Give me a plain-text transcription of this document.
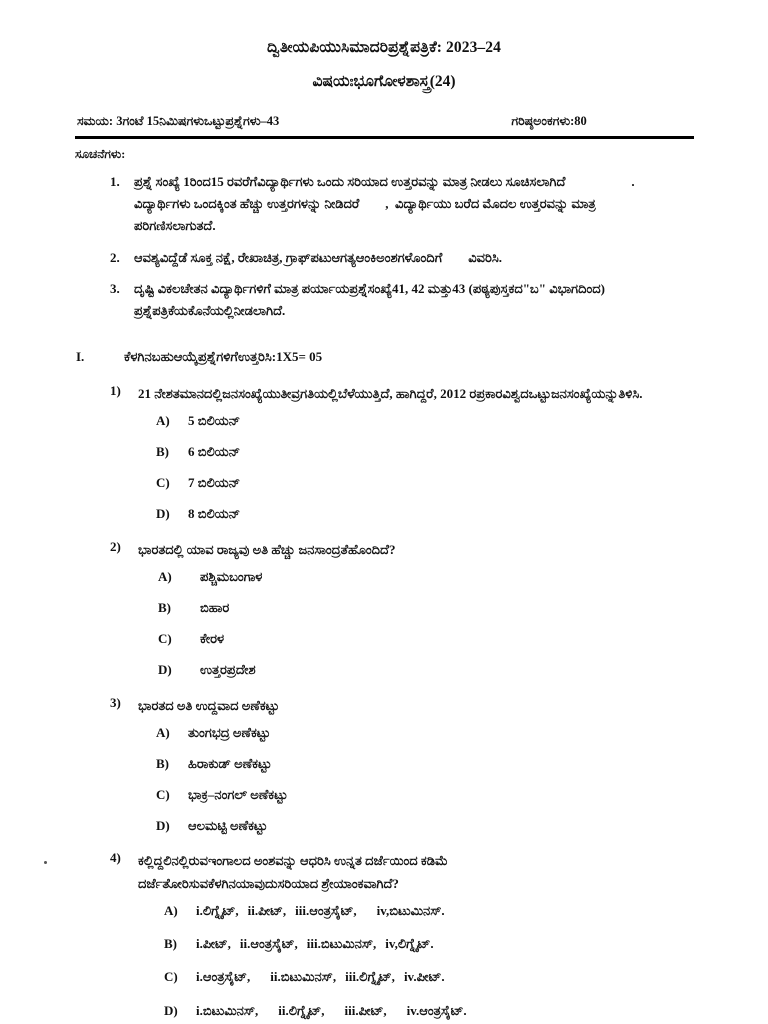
ದ್ವಿತೀಯಪಿಯುಸಿಮಾದರಿಪ್ರಶ್ನೆಪತ್ರಿಕೆ: 2023–24
ವಿಷಯಃಭೂಗೋಳಶಾಸ್ತ್ರ(24)
ಸಮಯ: 3ಗಂಟೆ 15ನಿಮಿಷಗಳುಒಟ್ಟುಪ್ರಶ್ನೆಗಳು–43	ಗರಿಷ್ಠಅಂಕಗಳು:80
ಸೂಚನೆಗಳು:
1. ಪ್ರಶ್ನೆ ಸಂಖ್ಯೆ 1ರಿಂದ15 ರವರೆಗೆವಿದ್ಯಾರ್ಥಿಗಳು ಒಂದು ಸರಿಯಾದ ಉತ್ತರವನ್ನು ಮಾತ್ರ ನೀಡಲು ಸೂಚಿಸಲಾಗಿದೆ	.
ವಿದ್ಯಾರ್ಥಿಗಳು ಒಂದಕ್ಕಿಂತ ಹೆಚ್ಚು ಉತ್ತರಗಳನ್ನು ನೀಡಿದರೆ , ವಿದ್ಯಾರ್ಥಿಯು ಬರೆದ ಮೊದಲ ಉತ್ತರವನ್ನು ಮಾತ್ರ
ಪರಿಗಣಿಸಲಾಗುತದೆ.
2. ಆವಶ್ಯವಿದ್ದೆಡೆ ಸೂಕ್ತ ನಕ್ಷೆ, ರೇಖಾಚಿತ್ರ, ಗ್ರಾಫ್‌ಪಟುಆಗತ್ಯಆಂಕಿಅಂಶಗಳೊಂದಿಗೆ ವಿವರಿಸಿ.
3. ದೃಷ್ಟಿ ವಿಕಲಚೇತನ ವಿದ್ಯಾರ್ಥಿಗಳಿಗೆ ಮಾತ್ರ ಪರ್ಯಾಯಪ್ರಶ್ನೆಸಂಖ್ಯೆ41, 42 ಮತ್ತು43 (ಪಠ್ಯಪುಸ್ತಕದ"ಬ" ವಿಭಾಗದಿಂದ)
ಪ್ರಶ್ನೆಪತ್ರಿಕೆಯಕೊನೆಯಲ್ಲಿನೀಡಲಾಗಿದೆ.
I.	ಕೆಳಗಿನಬಹುಆಯ್ಕೆಪ್ರಶ್ನೆಗಳಿಗೆಉತ್ತರಿಸಿ:1X5= 05
1) 21 ನೇಶತಮಾನದಲ್ಲಿಜನಸಂಖ್ಯೆಯುತೀವ್ರಗತಿಯಲ್ಲಿಬೆಳೆಯುತ್ತಿದೆ, ಹಾಗಿದ್ದರೆ, 2012 ರಪ್ರಕಾರವಿಶ್ವದಒಟ್ಟುಜನಸಂಖ್ಯೆಯನ್ನುತಿಳಿಸಿ.
A) 5 ಬಿಲಿಯನ್
B) 6 ಬಿಲಿಯನ್
C) 7 ಬಿಲಿಯನ್
D) 8 ಬಿಲಿಯನ್
2) ಭಾರತದಲ್ಲಿ ಯಾವ ರಾಜ್ಯವು ಅತಿ ಹೆಚ್ಚು ಜನಸಾಂದ್ರತೆಹೊಂದಿದೆ?
A) ಪಶ್ಚಿಮಬಂಗಾಳ
B) ಬಿಹಾರ
C) ಕೇರಳ
D) ಉತ್ತರಪ್ರದೇಶ
3) ಭಾರತದ ಅತಿ ಉದ್ದವಾದ ಅಣೆಕಟ್ಟು
A) ತುಂಗಭದ್ರ ಅಣೆಕಟ್ಟು
B) ಹಿರಾಕುಡ್ ಅಣೆಕಟ್ಟು
C) ಭಾಕ್ರ–ನಂಗಲ್ ಅಣೆಕಟ್ಟು
D) ಆಲಮಟ್ಟಿ ಅಣೆಕಟ್ಟು
4) ಕಲ್ಲಿದ್ದಲಿನಲ್ಲಿರುವಇಂಗಾಲದ ಅಂಶವನ್ನು ಆಧರಿಸಿ ಉನ್ನತ ದರ್ಜೆಯಿಂದ ಕಡಿಮೆ
ದರ್ಜೆತೋರಿಸುವಕೆಳಗಿನಯಾವುದುಸರಿಯಾದ ಶ್ರೇಯಾಂಕವಾಗಿದೆ?
A) i.ಲಿಗ್ನೈಟ್, ii.ಪೀಟ್, iii.ಆಂತ್ರಸೈಟ್, iv,ಬಿಟುಮಿನಸ್.
B) i.ಪೀಟ್, ii.ಆಂತ್ರಸೈಟ್, iii.ಬಿಟುಮಿನಸ್, iv,ಲಿಗ್ನೈಟ್.
C) i.ಆಂತ್ರಸೈಟ್, ii.ಬಿಟುಮಿನಸ್, iii.ಲಿಗ್ನೈಟ್, iv.ಪೀಟ್.
D) i.ಬಿಟುಮಿನಸ್, ii.ಲಿಗ್ನೈಟ್, iii.ಪೀಟ್, iv.ಆಂತ್ರಸೈಟ್.
